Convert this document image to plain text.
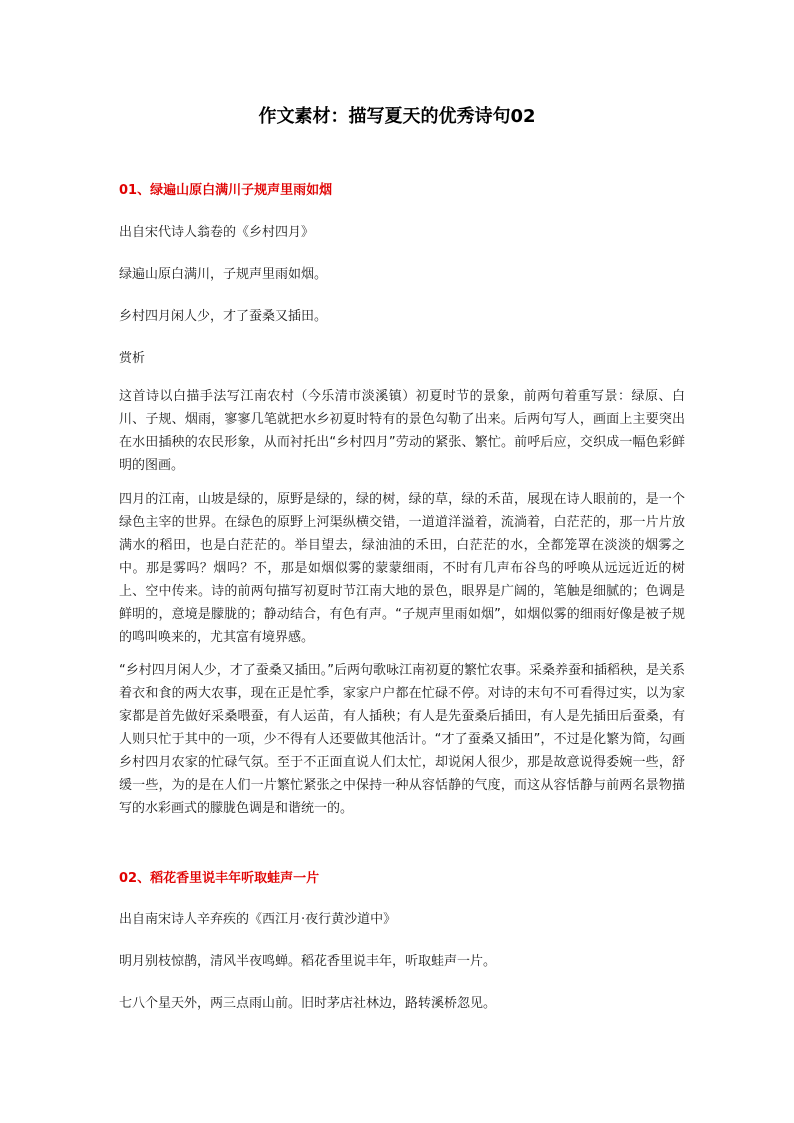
作文素材：描写夏天的优秀诗句02
01、绿遍山原白满川子规声里雨如烟
出自宋代诗人翁卷的《乡村四月》
绿遍山原白满川，子规声里雨如烟。
乡村四月闲人少，才了蚕桑又插田。
赏析

这首诗以白描手法写江南农村（今乐清市淡溪镇）初夏时节的景象，前两句着重写景：绿原、白川、子规、烟雨，寥寥几笔就把水乡初夏时特有的景色勾勒了出来。后两句写人，画面上主要突出在水田插秧的农民形象，从而衬托出“乡村四月”劳动的紧张、繁忙。前呼后应，交织成一幅色彩鲜明的图画。

四月的江南，山坡是绿的，原野是绿的，绿的树，绿的草，绿的禾苗，展现在诗人眼前的，是一个绿色主宰的世界。在绿色的原野上河渠纵横交错，一道道洋溢着，流淌着，白茫茫的，那一片片放满水的稻田，也是白茫茫的。举目望去，绿油油的禾田，白茫茫的水，全都笼罩在淡淡的烟雾之中。那是雾吗？烟吗？不，那是如烟似雾的蒙蒙细雨，不时有几声布谷鸟的呼唤从远远近近的树上、空中传来。诗的前两句描写初夏时节江南大地的景色，眼界是广阔的，笔触是细腻的；色调是鲜明的，意境是朦胧的；静动结合，有色有声。“子规声里雨如烟”，如烟似雾的细雨好像是被子规的鸣叫唤来的，尤其富有境界感。

“乡村四月闲人少，才了蚕桑又插田。”后两句歌咏江南初夏的繁忙农事。采桑养蚕和插稻秧，是关系着衣和食的两大农事，现在正是忙季，家家户户都在忙碌不停。对诗的末句不可看得过实，以为家家都是首先做好采桑喂蚕，有人运苗，有人插秧；有人是先蚕桑后插田，有人是先插田后蚕桑，有人则只忙于其中的一项，少不得有人还要做其他活计。“才了蚕桑又插田”，不过是化繁为简，勾画乡村四月农家的忙碌气氛。至于不正面直说人们太忙，却说闲人很少，那是故意说得委婉一些，舒缓一些，为的是在人们一片繁忙紧张之中保持一种从容恬静的气度，而这从容恬静与前两名景物描写的水彩画式的朦胧色调是和谐统一的。

02、稻花香里说丰年听取蛙声一片
出自南宋诗人辛弃疾的《西江月·夜行黄沙道中》
明月别枝惊鹊，清风半夜鸣蝉。稻花香里说丰年，听取蛙声一片。
七八个星天外，两三点雨山前。旧时茅店社林边，路转溪桥忽见。
